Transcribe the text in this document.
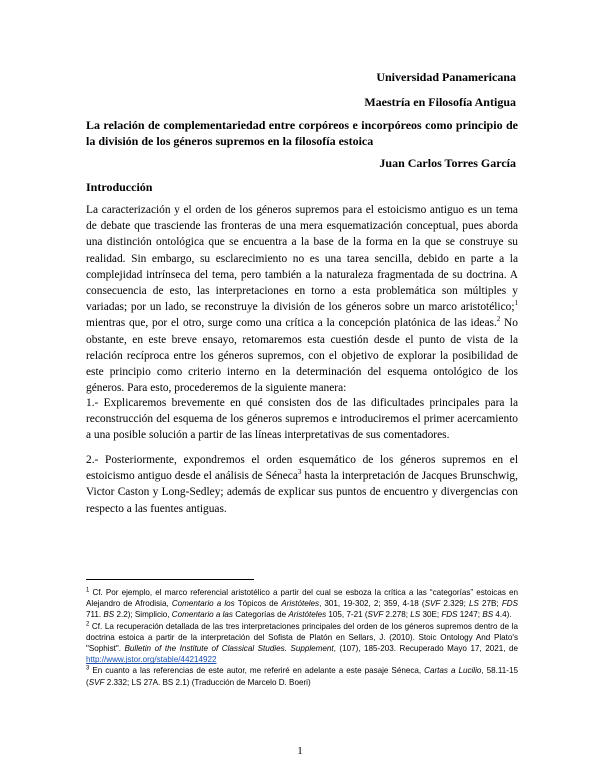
Universidad Panamericana
Maestría en Filosofía Antigua
La relación de complementariedad entre corpóreos e incorpóreos como principio de la división de los géneros supremos en la filosofía estoica
Juan Carlos Torres García
Introducción
La caracterización y el orden de los géneros supremos para el estoicismo antiguo es un tema de debate que trasciende las fronteras de una mera esquematización conceptual, pues aborda una distinción ontológica que se encuentra a la base de la forma en la que se construye su realidad. Sin embargo, su esclarecimiento no es una tarea sencilla, debido en parte a la complejidad intrínseca del tema, pero también a la naturaleza fragmentada de su doctrina. A consecuencia de esto, las interpretaciones en torno a esta problemática son múltiples y variadas; por un lado, se reconstruye la división de los géneros sobre un marco aristotélico;$^1$ mientras que, por el otro, surge como una crítica a la concepción platónica de las ideas.$^2$ No obstante, en este breve ensayo, retomaremos esta cuestión desde el punto de vista de la relación recíproca entre los géneros supremos, con el objetivo de explorar la posibilidad de este principio como criterio interno en la determinación del esquema ontológico de los géneros. Para esto, procederemos de la siguiente manera:
1.- Explicaremos brevemente en qué consisten dos de las dificultades principales para la reconstrucción del esquema de los géneros supremos e introduciremos el primer acercamiento a una posible solución a partir de las líneas interpretativas de sus comentadores.
2.- Posteriormente, expondremos el orden esquemático de los géneros supremos en el estoicismo antiguo desde el análisis de Séneca$^3$ hasta la interpretación de Jacques Brunschwig, Victor Caston y Long-Sedley; además de explicar sus puntos de encuentro y divergencias con respecto a las fuentes antiguas.

$^1$ Cf. Por ejemplo, el marco referencial aristotélico a partir del cual se esboza la crítica a las “categorías” estoicas en Alejandro de Afrodisia, Comentario a los Tópicos de Aristóteles, 301, 19-302, 2; 359, 4-18 (SVF 2.329; LS 27B; FDS 711. BS 2.2); Simplicio, Comentario a las Categorías de Aristóteles 105, 7-21 (SVF 2.278; LS 30E; FDS 1247; BS 4.4).

$^2$ Cf. La recuperación detallada de las tres interpretaciones principales del orden de los géneros supremos dentro de la doctrina estoica a partir de la interpretación del Sofista de Platón en Sellars, J. (2010). Stoic Ontology And Plato's "Sophist". Bulletin of the Institute of Classical Studies. Supplement, (107), 185-203. Recuperado Mayo 17, 2021, de http://www.jstor.org/stable/44214922

$^3$ En cuanto a las referencias de este autor, me referiré en adelante a este pasaje Séneca, Cartas a Lucilio, 58.11-15 (SVF 2.332; LS 27A. BS 2.1) (Traducción de Marcelo D. Boeri)

1
